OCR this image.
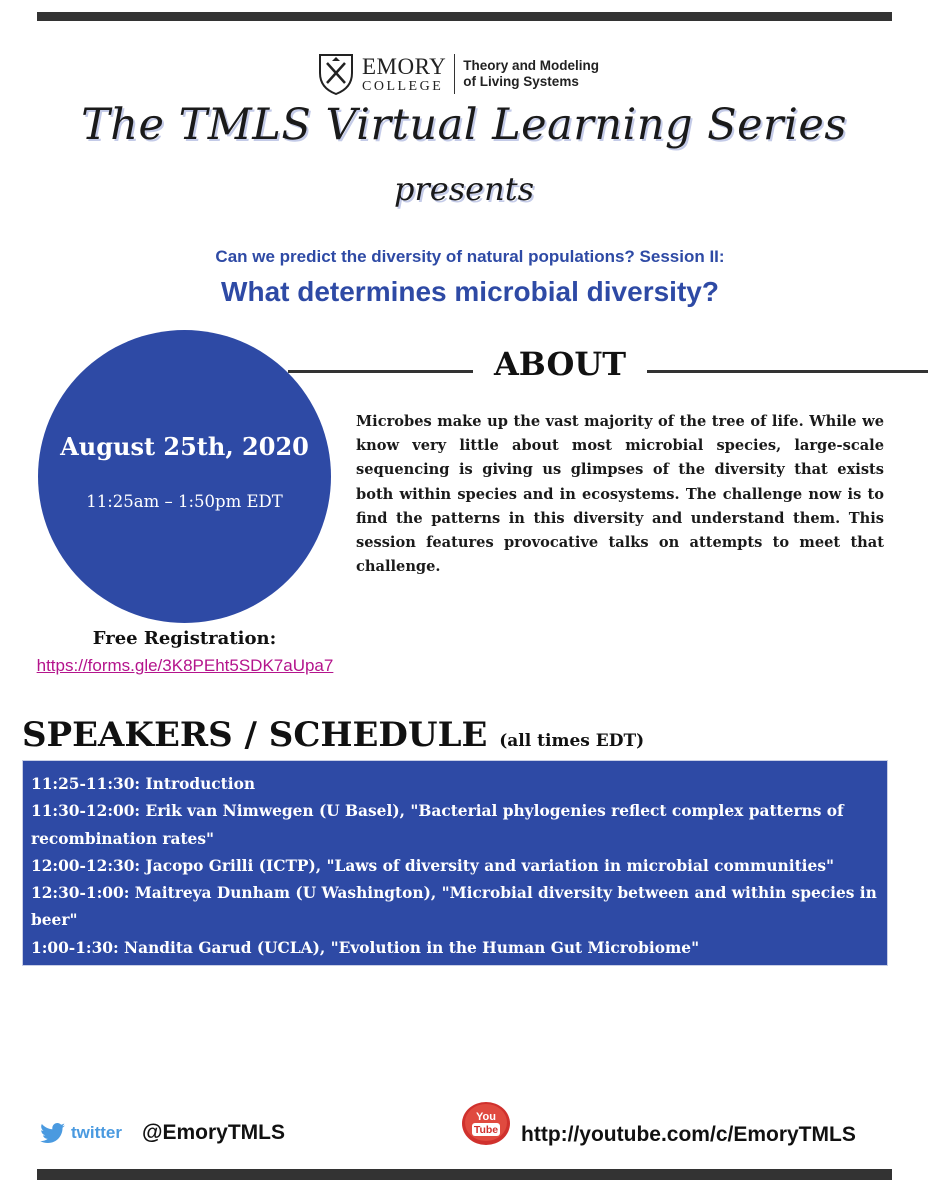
EMORY
COLLEGE
Theory and Modeling
of Living Systems
The TMLS Virtual Learning Series
presents
Can we predict the diversity of natural populations? Session II:
What determines microbial diversity?
ABOUT
Microbes make up the vast majority of the tree of life. While we know very little about most microbial species, large-scale sequencing is giving us glimpses of the diversity that exists both within species and in ecosystems. The challenge now is to find the patterns in this diversity and understand them. This session features provocative talks on attempts to meet that challenge.
August 25th, 2020
11:25am – 1:50pm EDT
Free Registration:
https://forms.gle/3K8PEht5SDK7aUpa7
SPEAKERS / SCHEDULE (all times EDT)
11:25-11:30: Introduction
11:30-12:00: Erik van Nimwegen (U Basel), "Bacterial phylogenies reflect complex patterns of recombination rates"
12:00-12:30: Jacopo Grilli (ICTP), "Laws of diversity and variation in microbial communities"
12:30-1:00: Maitreya Dunham (U Washington), "Microbial diversity between and within species in beer"
1:00-1:30: Nandita Garud (UCLA), "Evolution in the Human Gut Microbiome"
1:30-1:50: Discussion
twitter @EmoryTMLS
You
Tube http://youtube.com/c/EmoryTMLS
